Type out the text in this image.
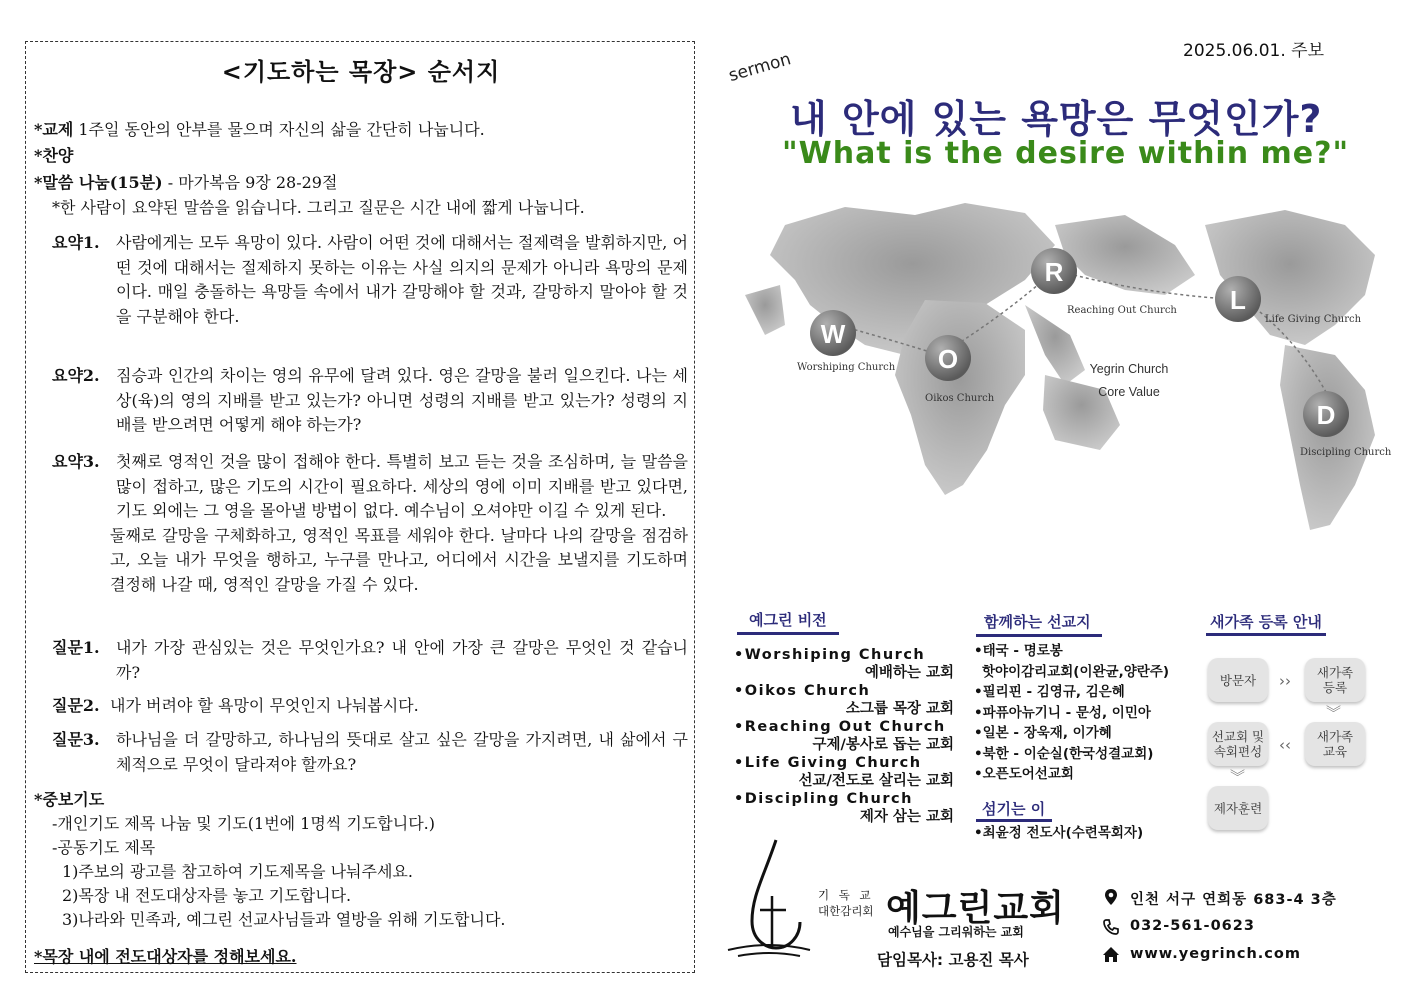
<기도하는 목장> 순서지
*교제 1주일 동안의 안부를 물으며 자신의 삶을 간단히 나눕니다.
*찬양
*말씀 나눔(15분) - 마가복음 9장 28-29절
*한 사람이 요약된 말씀을 읽습니다. 그리고 질문은 시간 내에 짧게 나눕니다.
요약1. 사람에게는 모두 욕망이 있다. 사람이 어떤 것에 대해서는 절제력을 발휘하지만, 어떤 것에 대해서는 절제하지 못하는 이유는 사실 의지의 문제가 아니라 욕망의 문제이다. 매일 충돌하는 욕망들 속에서 내가 갈망해야 할 것과, 갈망하지 말아야 할 것을 구분해야 한다.
요약2. 짐승과 인간의 차이는 영의 유무에 달려 있다. 영은 갈망을 불러 일으킨다. 나는 세상(육)의 영의 지배를 받고 있는가? 아니면 성령의 지배를 받고 있는가? 성령의 지배를 받으려면 어떻게 해야 하는가?
요약3. 첫째로 영적인 것을 많이 접해야 한다. 특별히 보고 듣는 것을 조심하며, 늘 말씀을 많이 접하고, 많은 기도의 시간이 필요하다. 세상의 영에 이미 지배를 받고 있다면, 기도 외에는 그 영을 몰아낼 방법이 없다. 예수님이 오셔야만 이길 수 있게 된다.
둘째로 갈망을 구체화하고, 영적인 목표를 세워야 한다. 날마다 나의 갈망을 점검하고, 오늘 내가 무엇을 행하고, 누구를 만나고, 어디에서 시간을 보낼지를 기도하며 결정해 나갈 때, 영적인 갈망을 가질 수 있다.
질문1. 내가 가장 관심있는 것은 무엇인가요? 내 안에 가장 큰 갈망은 무엇인 것 같습니까?
질문2. 내가 버려야 할 욕망이 무엇인지 나눠봅시다.
질문3. 하나님을 더 갈망하고, 하나님의 뜻대로 살고 싶은 갈망을 가지려면, 내 삶에서 구체적으로 무엇이 달라져야 할까요?
*중보기도
-개인기도 제목 나눔 및 기도(1번에 1명씩 기도합니다.)
-공동기도 제목
1)주보의 광고를 참고하여 기도제목을 나눠주세요.
2)목장 내 전도대상자를 놓고 기도합니다.
3)나라와 민족과, 예그린 선교사님들과 열방을 위해 기도합니다.
*목장 내에 전도대상자를 정해보세요.
2025.06.01. 주보
sermon
내 안에 있는 욕망은 무엇인가?
"What is the desire within me?"
W
O
R
L
D
Worshiping Church
Oikos Church
Reaching Out Church
Life Giving Church
Discipling Church
Yegrin Church
Core Value
예그린 비전
•Worshiping Church
예배하는 교회
•Oikos Church
소그룹 목장 교회
•Reaching Out Church
구제/봉사로 돕는 교회
•Life Giving Church
선교/전도로 살리는 교회
•Discipling Church
제자 삼는 교회
함께하는 선교지
•태국 - 명로봉
핫야이감리교회(이완균,양란주)
•필리핀 - 김영규, 김은혜
•파퓨아뉴기니 - 문성, 이민아
•일본 - 장욱재, 이가혜
•북한 - 이순실(한국성결교회)
•오픈도어선교회
섬기는 이
•최윤정 전도사(수련목회자)
새가족 등록 안내
방문자	››	새가족
등록
︾
새가족
교육
‹‹
선교회 및
속회편성
︾
제자훈련
기 독 교
대한감리회 예그린교회
예수님을 그리워하는 교회
담임목사: 고용진 목사
인천 서구 연희동 683-4 3층
032-561-0623
www.yegrinch.com
